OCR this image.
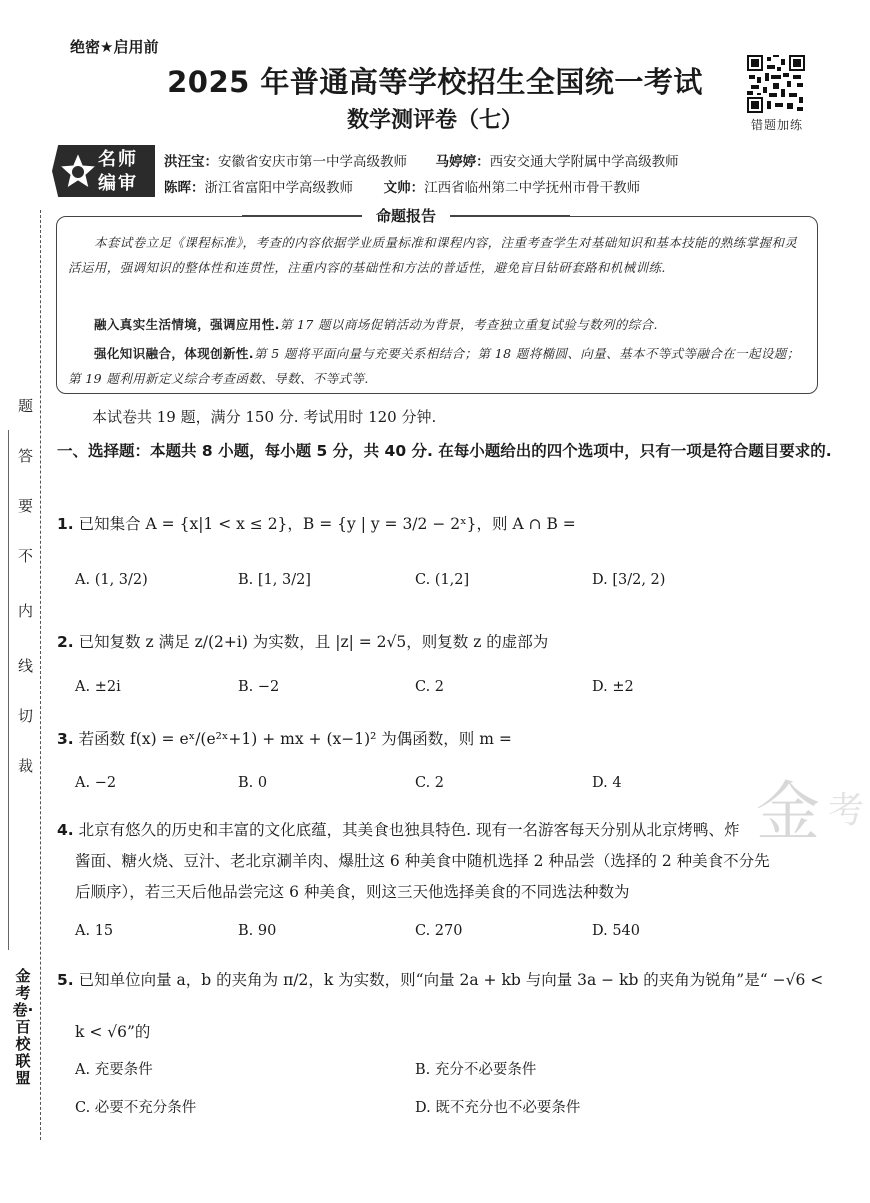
题
答
要
不
内
线
切
裁
金考卷·百校联盟
绝密★启用前
2025 年普通高等学校招生全国统一考试
数学测评卷（七）	错题加练
名师
编审
洪汪宝：安徽省安庆市第一中学高级教师 马婷婷：西安交通大学附属中学高级教师
陈晖：浙江省富阳中学高级教师 文帅：江西省临州第二中学抚州市骨干教师
命题报告
本套试卷立足《课程标准》，考查的内容依据学业质量标准和课程内容，注重考查学生对基础知识和基本技能的熟练掌握和灵活运用，强调知识的整体性和连贯性，注重内容的基础性和方法的普适性，避免盲目钻研套路和机械训练.
融入真实生活情境，强调应用性.第 17 题以商场促销活动为背景，考查独立重复试验与数列的综合.
强化知识融合，体现创新性.第 5 题将平面向量与充要关系相结合；第 18 题将椭圆、向量、基本不等式等融合在一起设题；第 19 题利用新定义综合考查函数、导数、不等式等.
本试卷共 19 题，满分 150 分. 考试用时 120 分钟.
一、选择题：本题共 8 小题，每小题 5 分，共 40 分. 在每小题给出的四个选项中，只有一项是符合题目要求的.
1. 已知集合 A = {x|1 < x ≤ 2}，B = {y | y = 3/2 − 2ˣ}，则 A ∩ B =
A. (1, 3/2)	B. [1, 3/2]	C. (1,2]	D. [3/2, 2)
2. 已知复数 z 满足 z/(2+i) 为实数，且 |z| = 2√5，则复数 z 的虚部为
A. ±2i	B. −2	C. 2	D. ±2
3. 若函数 f(x) = eˣ/(e²ˣ+1) + mx + (x−1)² 为偶函数，则 m =
A. −2	B. 0	C. 2	D. 4 金 考
4. 北京有悠久的历史和丰富的文化底蕴，其美食也独具特色. 现有一名游客每天分别从北京烤鸭、炸
酱面、糖火烧、豆汁、老北京涮羊肉、爆肚这 6 种美食中随机选择 2 种品尝（选择的 2 种美食不分先
后顺序），若三天后他品尝完这 6 种美食，则这三天他选择美食的不同选法种数为
A. 15	B. 90	C. 270	D. 540
5. 已知单位向量 a，b 的夹角为 π/2，k 为实数，则“向量 2a + kb 与向量 3a − kb 的夹角为锐角”是“ −√6 <
k < √6”的
A. 充要条件	B. 充分不必要条件
C. 必要不充分条件	D. 既不充分也不必要条件
